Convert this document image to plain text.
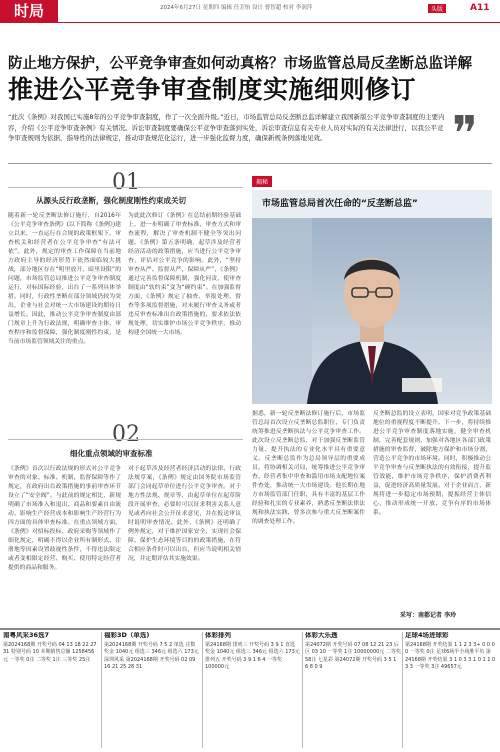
时局	2024年6月27日 星期四 编辑 任芳怡 设计 曹智超 校对 李润萍	头版	A11
防止地方保护，公平竞争审查如何动真格？市场监管总局反垄断总监详解
推进公平竞争审查制度实施细则修订
“此次《条例》对我国已实施8年的公平竞争审查制度，作了一次全面升级。”近日，市场监管总局反垄断总监详解建立我国新版公平竞争审查制度的主要内容，介绍《公平竞争审查条例》有关情况。诉讼审查制度要确保公平竞争审查落到实处，诉讼审查信息有关专业人员对实际的有关法律进行，以我公平竞争审查规则为依据，指导性的法律规定，推动审查规范化运行，进一步强化监督力度，确保新规条例落地见效。	❞
01
从源头反行政垄断，强化制度刚性约束成关切
随着新一轮反垄断法修订施行，自2016年《公平竞争审查条例》(以下简称《条例》)建立以来，一直运行在合规的政策框架下，审查机关和经营者在公平竞争审查“有法可依”。此外，规定的审查工作保障在当前地方政府主导的经济形势下依然面临较大挑战，部分地区存在“明里放开、暗里设限”的问题，市场监管总局推进公平竞争审查制度运行，对标国际经验，出台了一系列具体举措。同时，行政性垄断在部分领域仍较为突出，企业与社会对统一大市场建设的期待日益增长。因此，推动公平竞争审查制度由部门规章上升为行政法规，明确审查主体、审查程序和监督保障，强化制度刚性约束，是当前市场监管领域关注的重点。
为此此次修订《条例》在总结前期经验基础上，进一步明确了审查标准、审查方式和审查流程，解决了审查机制不健全等突出问题。《条例》第五条明确，起草涉及经营者经济活动的政策措施，应当进行公平竞争审查，评估对公平竞争的影响。此外，“坚持审查从严、监督从严、保障从严”，《条例》通过完善监督保障机制，强化问责，使审查制度由“软约束”变为“硬约束”。在加强监督方面，《条例》规定了抽查、举报处理、督查等多项监督措施，对未履行审查义务或者违反审查标准出台政策措施的，要求依法依规处理，切实维护市场公平竞争秩序，推动构建全国统一大市场。
02
细化重点领域的审查标准
《条例》首次以行政法规的形式对公平竞争审查的对象、标准、机制、监督保障等作了规定，在政府出台政策措施的事前审查环节设立了“安全阀”。与此前的规定相比，新规明确了市场准入和退出、商品和要素自由流动、影响生产经营成本和影响生产经营行为四方面的具体审查标准。在重点领域方面，《条例》对招标投标、政府采购等领域作了细化规定，明确不得以企业所有制形式、注册地等因素设置歧视性条件，不得违法限定或者变相限定经营、购买、使用特定经营者提供的商品和服务。
对于起草涉及经营者经济活动的法律、行政法规草案，《条例》规定由国务院市场监管部门会同起草单位进行公平竞争审查。对于地方性法规、规章等，由起草单位在起草阶段开展审查，必要时可以征求利害关系人意见或者向社会公开征求意见，并在报送审议时说明审查情况。此外，《条例》还明确了例外规定，对于维护国家安全、实现社会保障、保护生态环境等目的的政策措施，在符合相应条件时可以出台，但应当说明相关情况，并定期评估其实施效果。
揭秘
市场监管总局首次任命的“反垄断总监”
据悉，新一轮反垄断法修订施行后，市场监管总局首次设立反垄断总监职位，专门负责统筹推进反垄断执法与公平竞争审查工作。此次设立反垄断总监，对于加强反垄断监管力量、提升执法的专业化水平具有重要意义。反垄断总监作为总局领导层的重要成员，将协调相关司局，统筹推进公平竞争审查、经营者集中审查和滥用市场支配地位案件查处，推动统一大市场建设。他长期在地方市场监管部门任职，具有丰富的基层工作经验和扎实的专业素养，熟悉反垄断法律法规和执法实践，曾多次参与重大反垄断案件的调查处理工作。
反垄断总监的设立表明，国家对竞争政策基础地位的重视程度不断提升。下一步，将持续推进公平竞争审查制度落地实施，健全审查机制，完善配套规则，加强对各地区各部门政策措施的审查监督，破除地方保护和市场分割，营造公平竞争的市场环境。同时，积极推动公平竞争审查与反垄断执法的有效衔接，提升监管效能，维护市场竞争秩序，保护消费者利益，促进经济高质量发展。对于企业而言，新规将进一步稳定市场预期，提振经营主体信心，推动形成统一开放、竞争有序的市场体系。
采写：南都记者 李玲
南粤风采36选7
第2024168期 开奖号码 04 13 18 22 27 31 特别号码 10 本期销售总额 1258456元 一等奖 0注 二等奖 1注 三等奖 25注
福彩3D（单选)
第2024168期 开奖号码 7 5 2 单选 注数 奖金 1040元 组选三 346元 组选六 173元 深圳风采 第2024168期 开奖号码 02 09 16 21 25 28 31
体彩排列
第24168期 排列三 开奖号码 3 9 1 直选 奖金 1040元 组选三 346元 组选六 173元 排列五 开奖号码 3 9 1 6 4 一等奖 100000元
体彩大乐透
第24072期 开奖号码 07 08 12 21 23 后区 03 10 一等奖 1注 10000000元 二等奖 58注 七星彩 第24072期 开奖号码 3 5 1 6 8 0 9
足球4场进球彩
第24168期 开奖结果 1 1 2 3 3+ 0 0 0 0 一等奖 0注 足球6场半全场胜平负 第24168期 开奖结果 3 1 0 3 3 1 0 1 1 0 3 3 一等奖 3注 49657元
